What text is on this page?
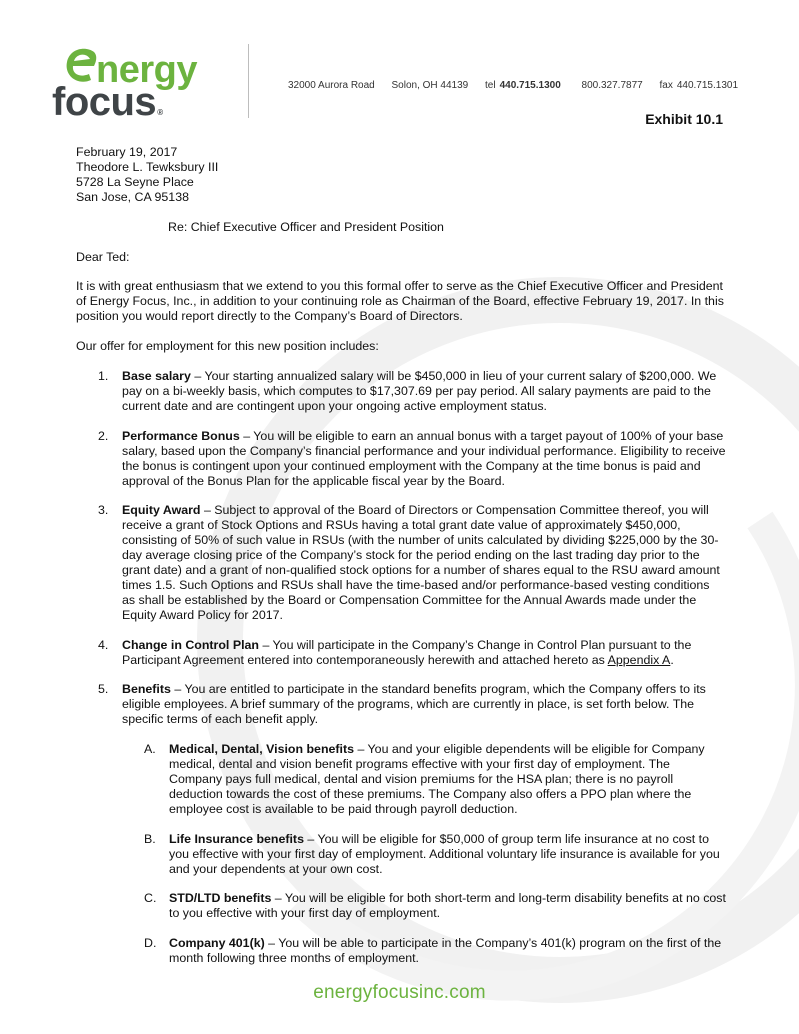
nergy
focus®
32000 Aurora Road Solon, OH 44139 tel 440.715.1300 800.327.7877 fax 440.715.1301
Exhibit 10.1

February 19, 2017

Theodore L. Tewksbury III

5728 La Seyne Place

San Jose, CA 95138

Re: Chief Executive Officer and President Position

Dear Ted:

It is with great enthusiasm that we extend to you this formal offer to serve as the Chief Executive Officer and President of Energy Focus, Inc., in addition to your continuing role as Chairman of the Board, effective February 19, 2017. In this position you would report directly to the Company’s Board of Directors.

Our offer for employment for this new position includes:

1. Base salary – Your starting annualized salary will be $450,000 in lieu of your current salary of $200,000. We pay on a bi-weekly basis, which computes to $17,307.69 per pay period. All salary payments are paid to the current date and are contingent upon your ongoing active employment status.
2. Performance Bonus – You will be eligible to earn an annual bonus with a target payout of 100% of your base salary, based upon the Company’s financial performance and your individual performance. Eligibility to receive the bonus is contingent upon your continued employment with the Company at the time bonus is paid and approval of the Bonus Plan for the applicable fiscal year by the Board.
3. Equity Award – Subject to approval of the Board of Directors or Compensation Committee thereof, you will receive a grant of Stock Options and RSUs having a total grant date value of approximately $450,000, consisting of 50% of such value in RSUs (with the number of units calculated by dividing $225,000 by the 30-day average closing price of the Company’s stock for the period ending on the last trading day prior to the grant date) and a grant of non-qualified stock options for a number of shares equal to the RSU award amount times 1.5. Such Options and RSUs shall have the time-based and/or performance-based vesting conditions as shall be established by the Board or Compensation Committee for the Annual Awards made under the Equity Award Policy for 2017.
4. Change in Control Plan – You will participate in the Company’s Change in Control Plan pursuant to the Participant Agreement entered into contemporaneously herewith and attached hereto as Appendix A.
5. Benefits – You are entitled to participate in the standard benefits program, which the Company offers to its eligible employees. A brief summary of the programs, which are currently in place, is set forth below. The specific terms of each benefit apply.
A. Medical, Dental, Vision benefits – You and your eligible dependents will be eligible for Company medical, dental and vision benefit programs effective with your first day of employment. The Company pays full medical, dental and vision premiums for the HSA plan; there is no payroll deduction towards the cost of these premiums. The Company also offers a PPO plan where the employee cost is available to be paid through payroll deduction.
B. Life Insurance benefits – You will be eligible for $50,000 of group term life insurance at no cost to you effective with your first day of employment. Additional voluntary life insurance is available for you and your dependents at your own cost.
C. STD/LTD benefits – You will be eligible for both short-term and long-term disability benefits at no cost to you effective with your first day of employment.
D. Company 401(k) – You will be able to participate in the Company’s 401(k) program on the first of the month following three months of employment.
energyfocusinc.com
